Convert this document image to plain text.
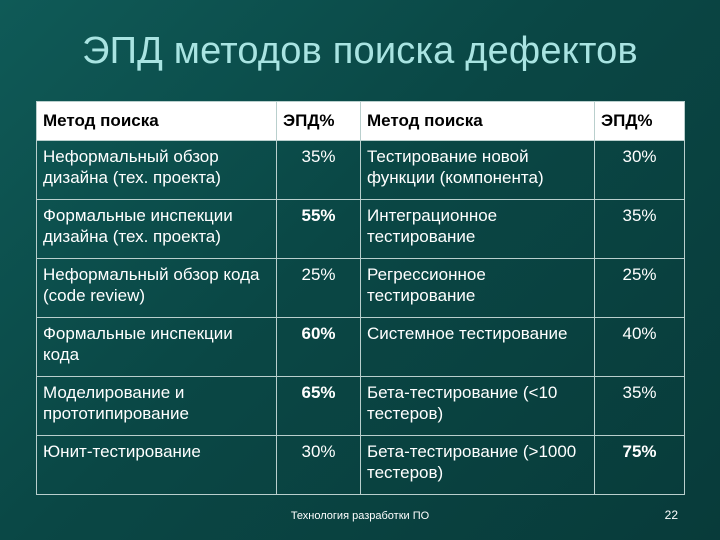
ЭПД методов поиска дефектов
Метод поиска	ЭПД%	Метод поиска	ЭПД%
Неформальный обзор дизайна (тех. проекта)	35%	Тестирование новой функции (компонента)	30%
Формальные инспекции дизайна (тех. проекта)	55%	Интеграционное тестирование	35%
Неформальный обзор кода (code review)	25%	Регрессионное тестирование	25%
Формальные инспекции кода	60%	Системное тестирование	40%
Моделирование и прототипирование	65%	Бета-тестирование (<10 тестеров)	35%
Юнит-тестирование	30%	Бета-тестирование (>1000 тестеров)	75%
Технология разработки ПО	22
